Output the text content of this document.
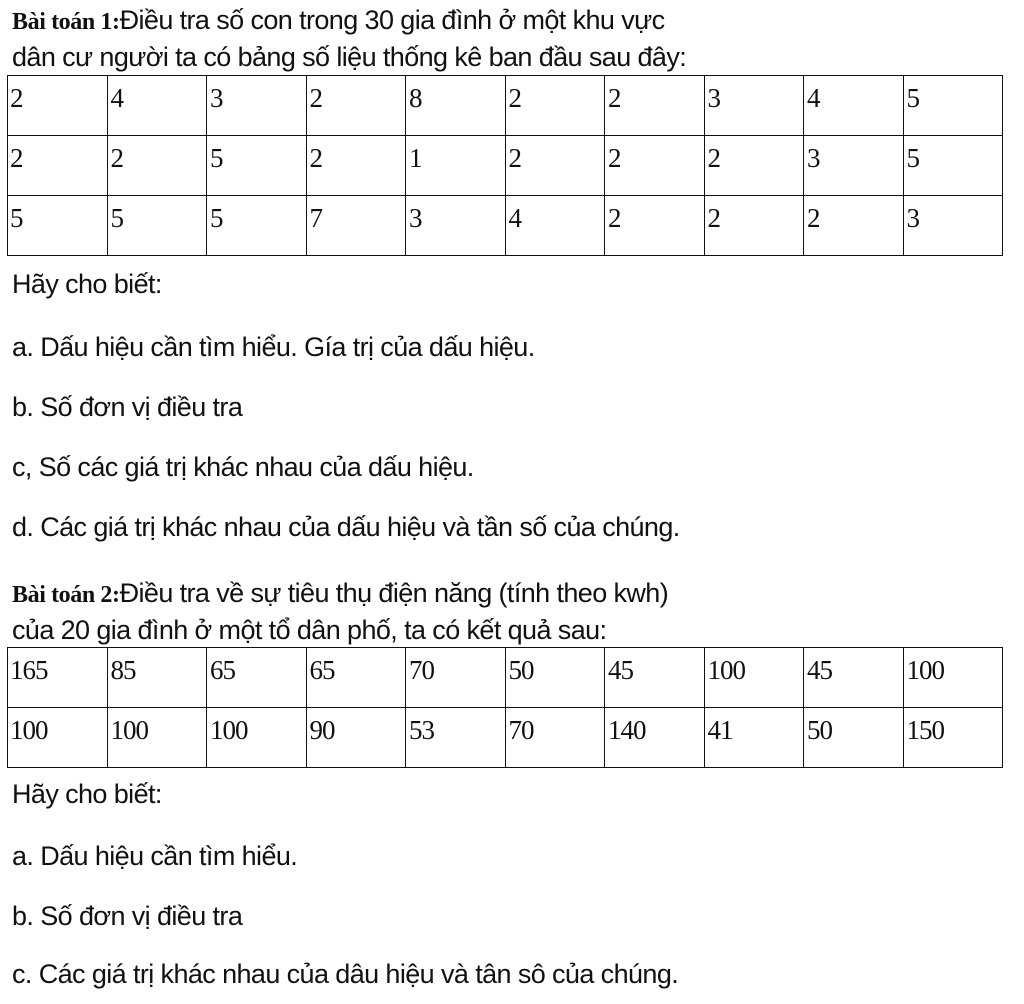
Bài toán 1:Điều tra số con trong 30 gia đình ở một khu vực
dân cư người ta có bảng số liệu thống kê ban đầu sau đây:
2	4	3	2	8	2	2	3	4	5
2	2	5	2	1	2	2	2	3	5
5	5	5	7	3	4	2	2	2	3
Hãy cho biết:
a. Dấu hiệu cần tìm hiểu. Gía trị của dấu hiệu.
b. Số đơn vị điều tra
c, Số các giá trị khác nhau của dấu hiệu.
d. Các giá trị khác nhau của dấu hiệu và tần số của chúng.
Bài toán 2:Điều tra về sự tiêu thụ điện năng (tính theo kwh)
của 20 gia đình ở một tổ dân phố, ta có kết quả sau:
165	85	65	65	70	50	45	100	45	100
100	100	100	90	53	70	140	41	50	150
Hãy cho biết:
a. Dấu hiệu cần tìm hiểu.
b. Số đơn vị điều tra
c. Các giá trị khác nhau của dâu hiệu và tân sô của chúng.
